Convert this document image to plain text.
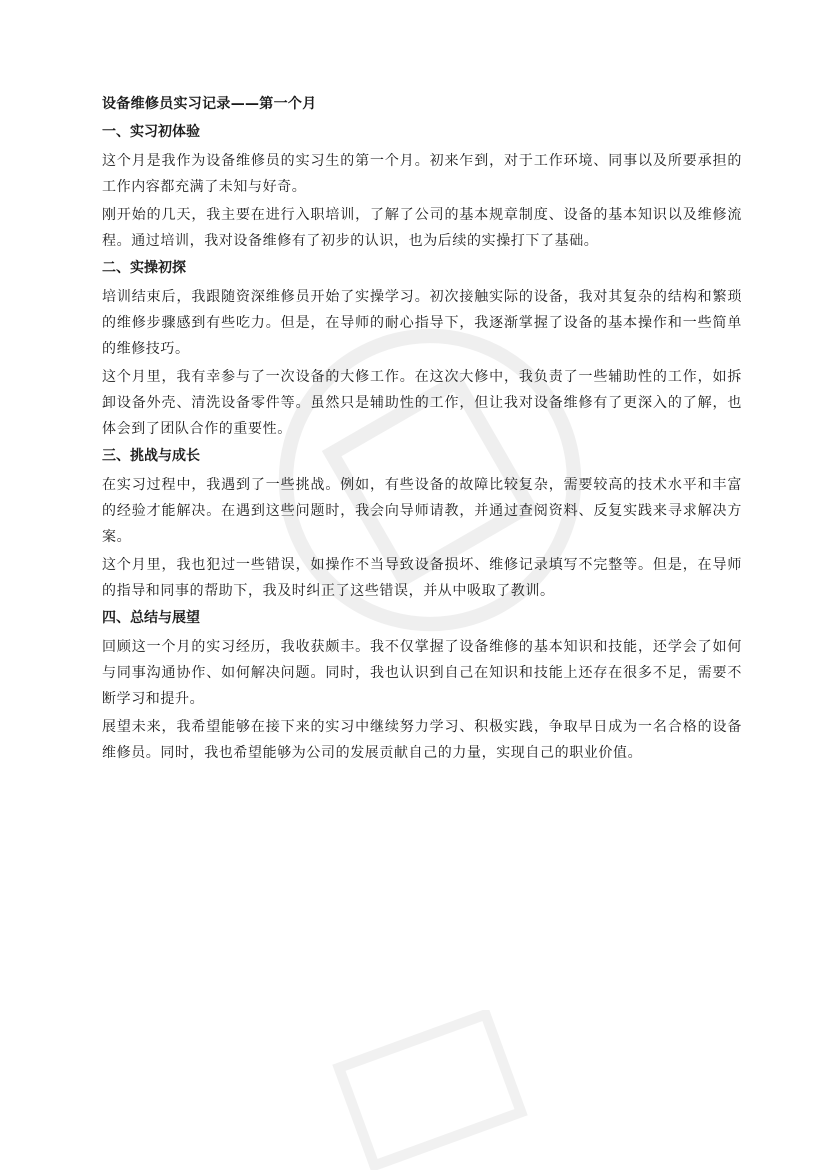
设备维修员实习记录——第一个月
一、实习初体验

这个月是我作为设备维修员的实习生的第一个月。初来乍到，对于工作环境、同事以及所要承担的工作内容都充满了未知与好奇。

刚开始的几天，我主要在进行入职培训，了解了公司的基本规章制度、设备的基本知识以及维修流程。通过培训，我对设备维修有了初步的认识，也为后续的实操打下了基础。

二、实操初探

培训结束后，我跟随资深维修员开始了实操学习。初次接触实际的设备，我对其复杂的结构和繁琐的维修步骤感到有些吃力。但是，在导师的耐心指导下，我逐渐掌握了设备的基本操作和一些简单的维修技巧。

这个月里，我有幸参与了一次设备的大修工作。在这次大修中，我负责了一些辅助性的工作，如拆卸设备外壳、清洗设备零件等。虽然只是辅助性的工作，但让我对设备维修有了更深入的了解，也体会到了团队合作的重要性。

三、挑战与成长

在实习过程中，我遇到了一些挑战。例如，有些设备的故障比较复杂，需要较高的技术水平和丰富的经验才能解决。在遇到这些问题时，我会向导师请教，并通过查阅资料、反复实践来寻求解决方案。

这个月里，我也犯过一些错误，如操作不当导致设备损坏、维修记录填写不完整等。但是，在导师的指导和同事的帮助下，我及时纠正了这些错误，并从中吸取了教训。

四、总结与展望

回顾这一个月的实习经历，我收获颇丰。我不仅掌握了设备维修的基本知识和技能，还学会了如何与同事沟通协作、如何解决问题。同时，我也认识到自己在知识和技能上还存在很多不足，需要不断学习和提升。

展望未来，我希望能够在接下来的实习中继续努力学习、积极实践，争取早日成为一名合格的设备维修员。同时，我也希望能够为公司的发展贡献自己的力量，实现自己的职业价值。
